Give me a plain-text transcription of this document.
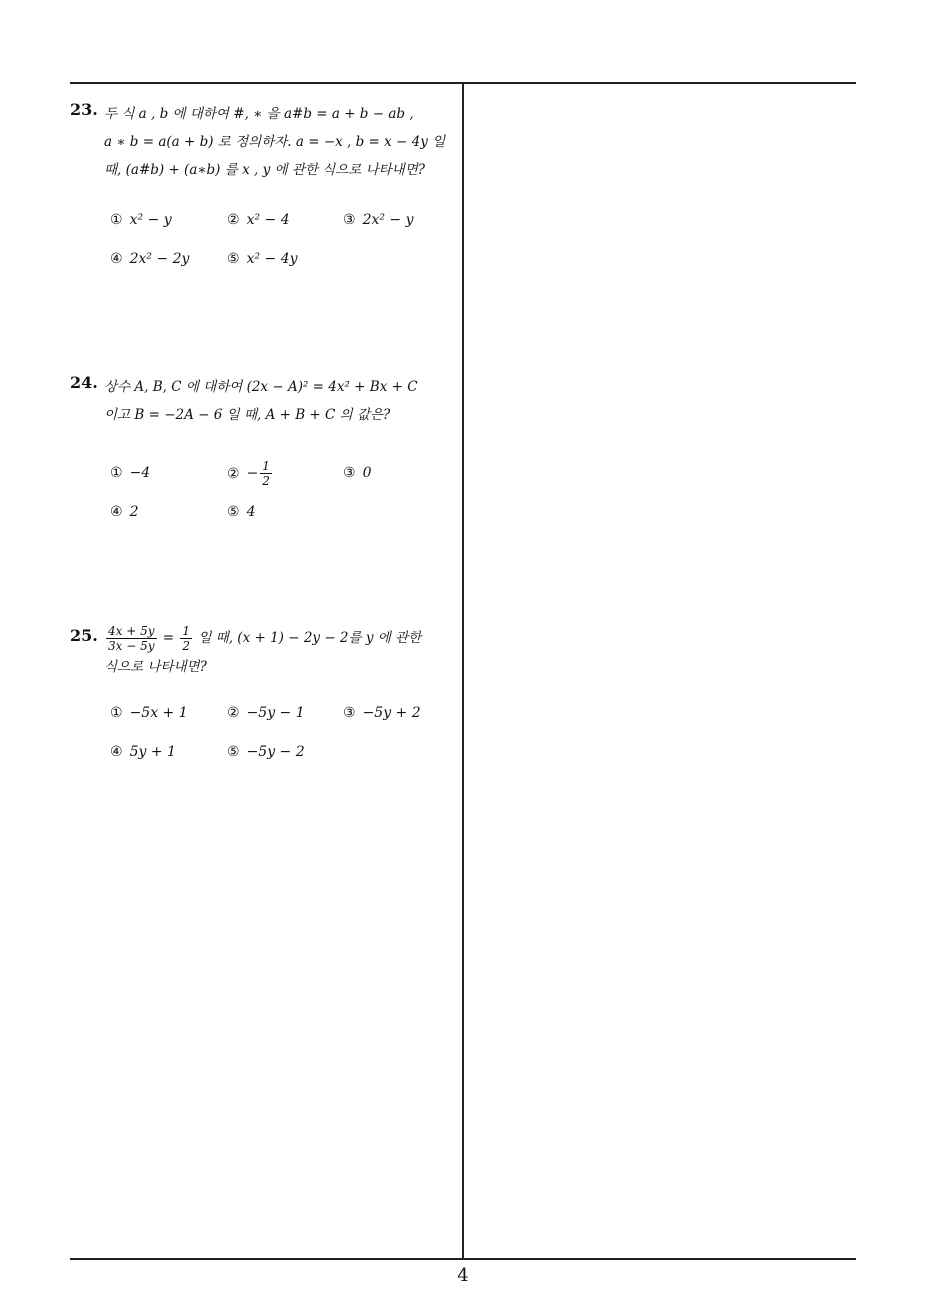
23. 두 식 a , b 에 대하여 #, ∗ 을 a#b = a + b − ab ,
a ∗ b = a(a + b) 로 정의하자. a = −x , b = x − 4y 일
때, (a#b) + (a∗b) 를 x , y 에 관한 식으로 나타내면?
① x² − y	② x² − 4	③ 2x² − y
④ 2x² − 2y	⑤ x² − 4y
24. 상수 A, B, C 에 대하여 (2x − A)² = 4x² + Bx + C
이고 B = −2A − 6 일 때, A + B + C 의 값은?
① −4	② − $\frac{1}{2}$	③ 0
④ 2	⑤ 4
25. $\frac{4x + 5y}{3x - 5y} = \frac{1}{2}$ 일 때, (x + 1) − 2y − 2를 y 에 관한
식으로 나타내면?
① −5x + 1	② −5y − 1	③ −5y + 2
④ 5y + 1	⑤ −5y − 2
4
